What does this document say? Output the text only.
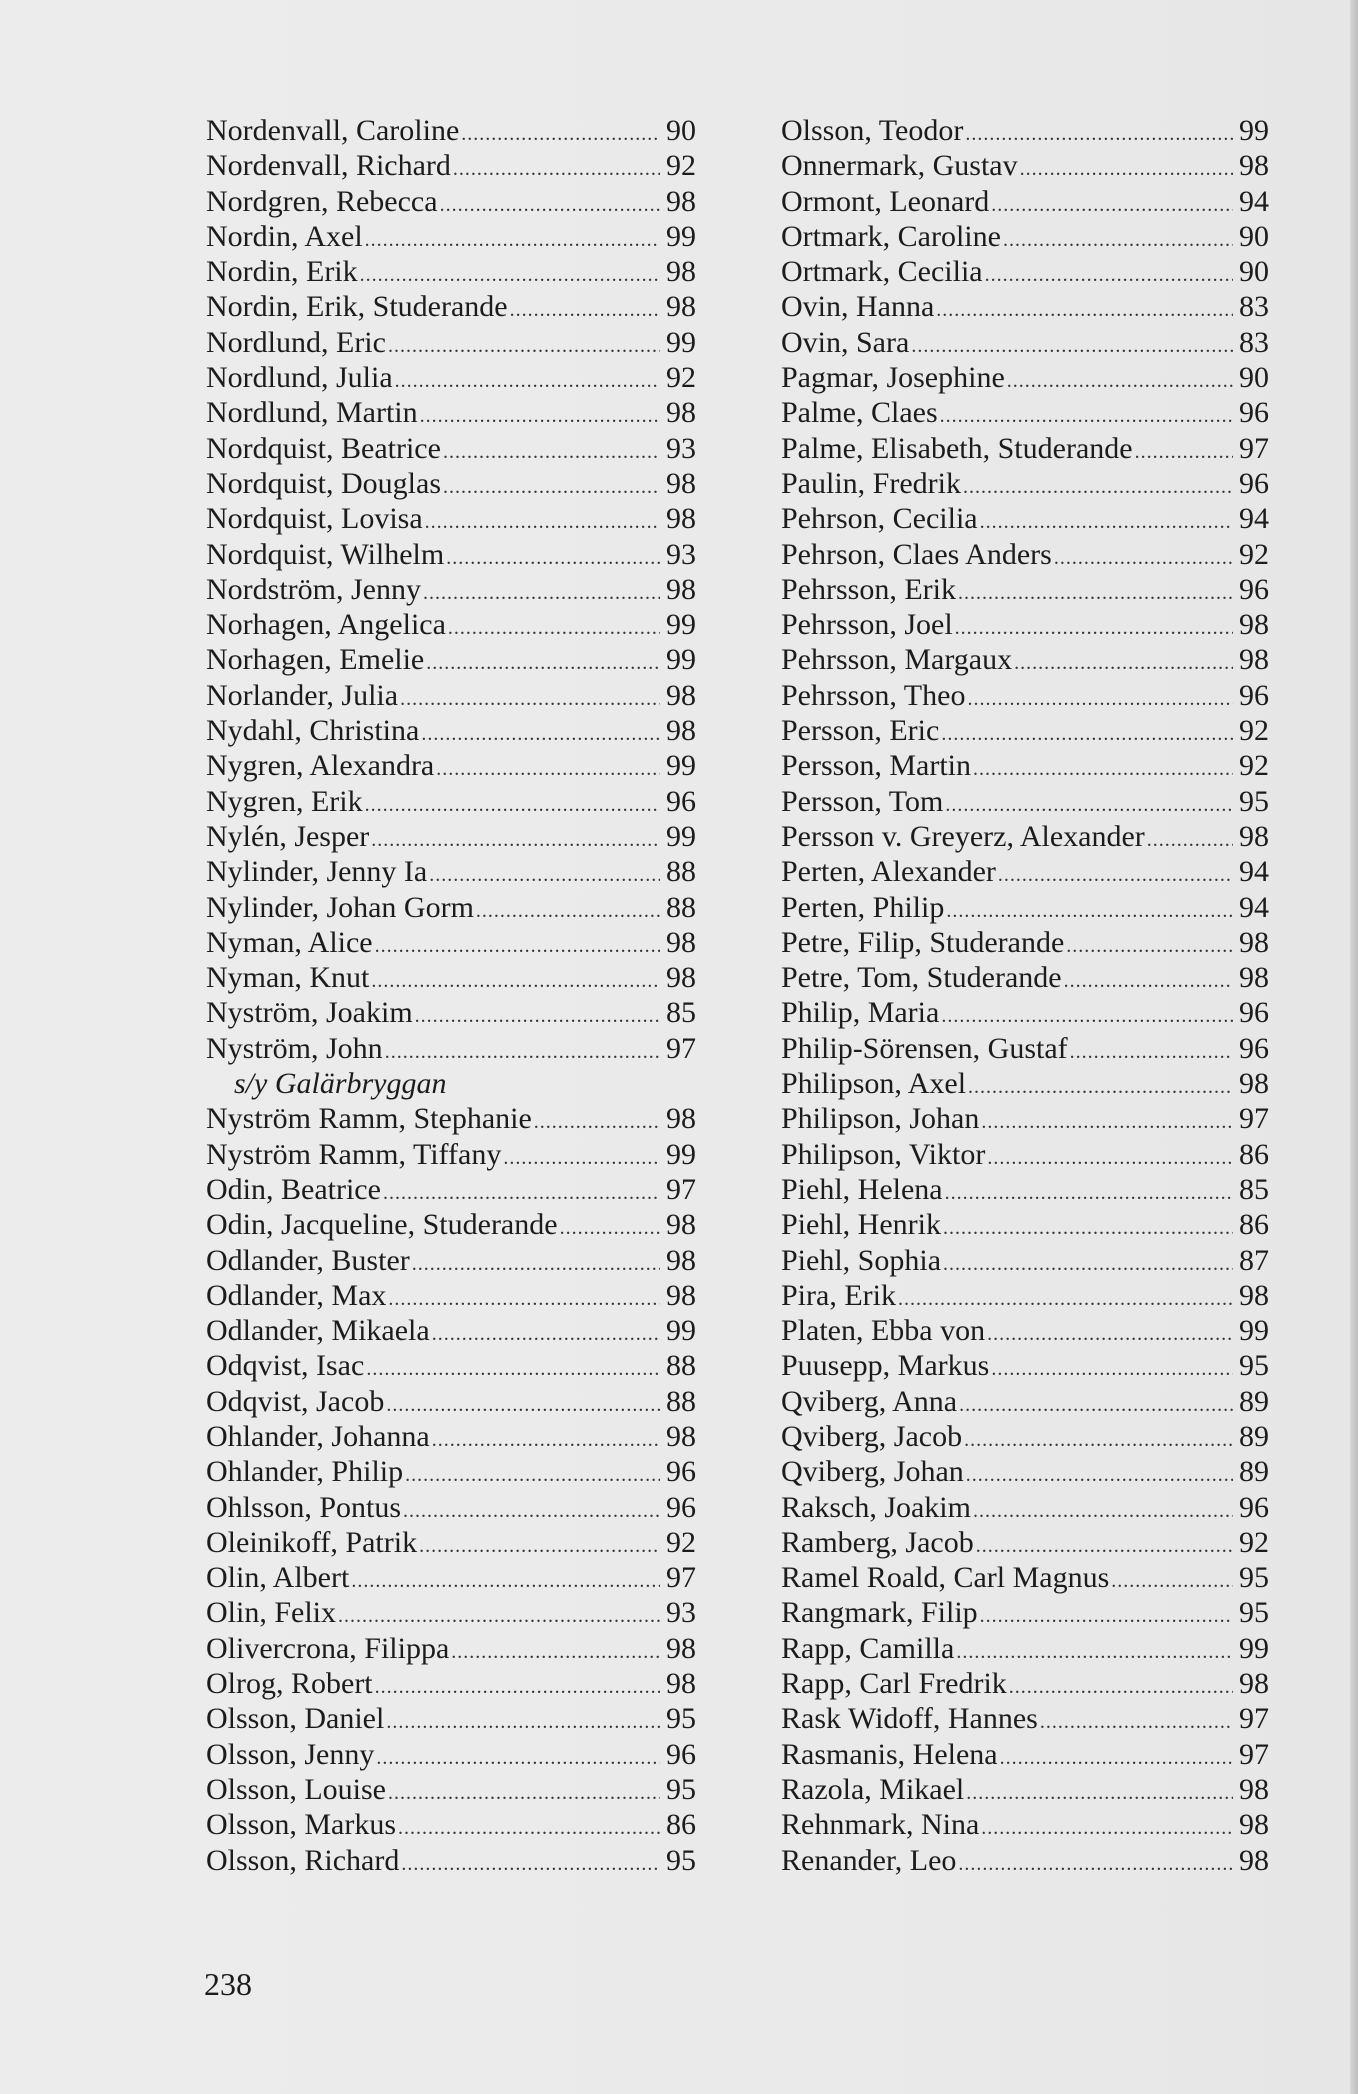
Nordenvall, Caroline .....	90
Nordenvall, Richard .....	92
Nordgren, Rebecca .....	98
Nordin, Axel .....	99
Nordin, Erik .....	98
Nordin, Erik, Studerande .....	98
Nordlund, Eric .....	99
Nordlund, Julia .....	92
Nordlund, Martin .....	98
Nordquist, Beatrice .....	93
Nordquist, Douglas .....	98
Nordquist, Lovisa .....	98
Nordquist, Wilhelm .....	93
Nordström, Jenny .....	98
Norhagen, Angelica .....	99
Norhagen, Emelie .....	99
Norlander, Julia .....	98
Nydahl, Christina .....	98
Nygren, Alexandra .....	99
Nygren, Erik .....	96
Nylén, Jesper .....	99
Nylinder, Jenny Ia .....	88
Nylinder, Johan Gorm .....	88
Nyman, Alice .....	98
Nyman, Knut .....	98
Nyström, Joakim .....	85
Nyström, John .....	97
s/y Galärbryggan
Nyström Ramm, Stephanie .....	98
Nyström Ramm, Tiffany .....	99
Odin, Beatrice .....	97
Odin, Jacqueline, Studerande .....	98
Odlander, Buster .....	98
Odlander, Max .....	98
Odlander, Mikaela .....	99
Odqvist, Isac .....	88
Odqvist, Jacob .....	88
Ohlander, Johanna .....	98
Ohlander, Philip .....	96
Ohlsson, Pontus .....	96
Oleinikoff, Patrik .....	92
Olin, Albert .....	97
Olin, Felix .....	93
Olivercrona, Filippa .....	98
Olrog, Robert .....	98
Olsson, Daniel .....	95
Olsson, Jenny .....	96
Olsson, Louise .....	95
Olsson, Markus .....	86
Olsson, Richard .....	95
Olsson, Teodor .....	99
Onnermark, Gustav .....	98
Ormont, Leonard .....	94
Ortmark, Caroline .....	90
Ortmark, Cecilia .....	90
Ovin, Hanna .....	83
Ovin, Sara .....	83
Pagmar, Josephine .....	90
Palme, Claes .....	96
Palme, Elisabeth, Studerande .....	97
Paulin, Fredrik .....	96
Pehrson, Cecilia .....	94
Pehrson, Claes Anders .....	92
Pehrsson, Erik .....	96
Pehrsson, Joel .....	98
Pehrsson, Margaux .....	98
Pehrsson, Theo .....	96
Persson, Eric .....	92
Persson, Martin .....	92
Persson, Tom .....	95
Persson v. Greyerz, Alexander .....	98
Perten, Alexander .....	94
Perten, Philip .....	94
Petre, Filip, Studerande .....	98
Petre, Tom, Studerande .....	98
Philip, Maria .....	96
Philip-Sörensen, Gustaf .....	96
Philipson, Axel .....	98
Philipson, Johan .....	97
Philipson, Viktor .....	86
Piehl, Helena .....	85
Piehl, Henrik .....	86
Piehl, Sophia .....	87
Pira, Erik .....	98
Platen, Ebba von .....	99
Puusepp, Markus .....	95
Qviberg, Anna .....	89
Qviberg, Jacob .....	89
Qviberg, Johan .....	89
Raksch, Joakim .....	96
Ramberg, Jacob .....	92
Ramel Roald, Carl Magnus .....	95
Rangmark, Filip .....	95
Rapp, Camilla .....	99
Rapp, Carl Fredrik .....	98
Rask Widoff, Hannes .....	97
Rasmanis, Helena .....	97
Razola, Mikael .....	98
Rehnmark, Nina .....	98
Renander, Leo .....	98
238
